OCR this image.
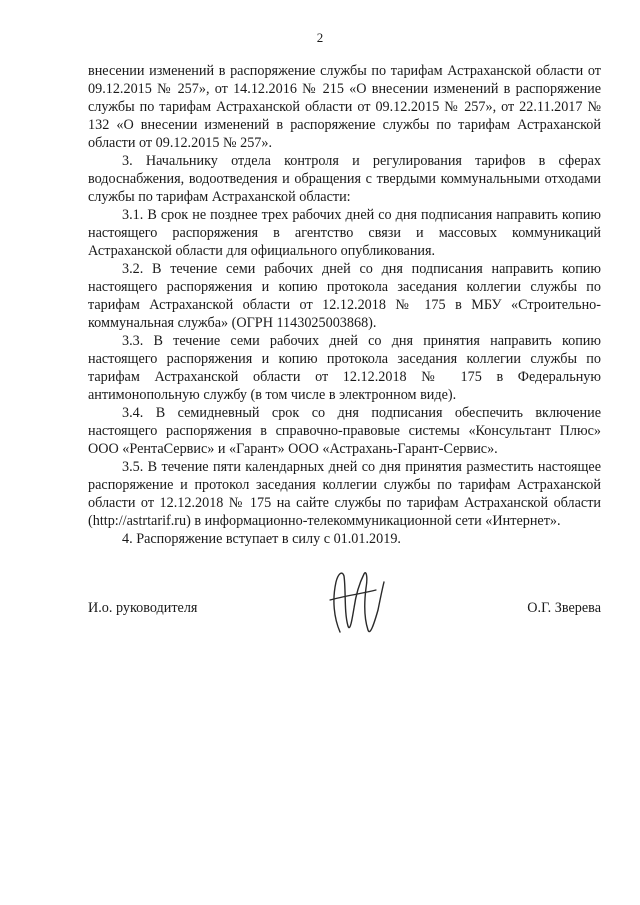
2

внесении изменений в распоряжение службы по тарифам Астраханской области от 09.12.2015 № 257», от 14.12.2016 № 215 «О внесении изменений в распоряжение службы по тарифам Астраханской области от 09.12.2015 № 257», от 22.11.2017 № 132 «О внесении изменений в распоряжение службы по тарифам Астраханской области от 09.12.2015 № 257».

3. Начальнику отдела контроля и регулирования тарифов в сферах водоснабжения, водоотведения и обращения с твердыми коммунальными отходами службы по тарифам Астраханской области:

3.1. В срок не позднее трех рабочих дней со дня подписания направить копию настоящего распоряжения в агентство связи и массовых коммуникаций Астраханской области для официального опубликования.

3.2. В течение семи рабочих дней со дня подписания направить копию настоящего распоряжения и копию протокола заседания коллегии службы по тарифам Астраханской области от 12.12.2018 № 175 в МБУ «Строительно-коммунальная служба» (ОГРН 1143025003868).

3.3. В течение семи рабочих дней со дня принятия направить копию настоящего распоряжения и копию протокола заседания коллегии службы по тарифам Астраханской области от 12.12.2018 № 175 в Федеральную антимонопольную службу (в том числе в электронном виде).

3.4. В семидневный срок со дня подписания обеспечить включение настоящего распоряжения в справочно-правовые системы «Консультант Плюс» ООО «РентаСервис» и «Гарант» ООО «Астрахань-Гарант-Сервис».

3.5. В течение пяти календарных дней со дня принятия разместить настоящее распоряжение и протокол заседания коллегии службы по тарифам Астраханской области от 12.12.2018 № 175 на сайте службы по тарифам Астраханской области (http://astrtarif.ru) в информационно-телекоммуникационной сети «Интернет».

4. Распоряжение вступает в силу с 01.01.2019.

И.о. руководителя	О.Г. Зверева
